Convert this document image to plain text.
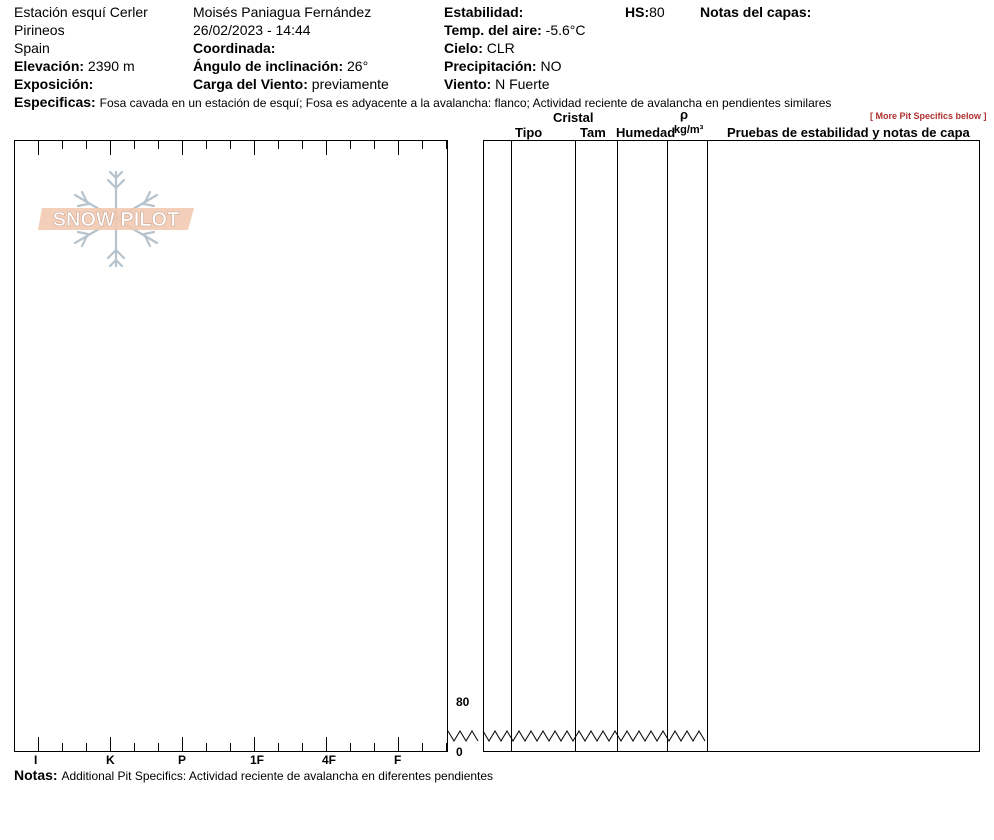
Estación esquí Cerler
Pirineos
Spain
Elevación: 2390 m
Exposición:
Moisés Paniagua Fernández
26/02/2023 - 14:44
Coordinada:
Ángulo de inclinación: 26°
Carga del Viento: previamente
Estabilidad:
Temp. del aire: -5.6°C
Cielo: CLR
Precipitación: NO
Viento: N Fuerte
HS:80	Notas del capas:
Especificas: Fosa cavada en un estación de esquí; Fosa es adyacente a la avalancha: flanco; Actividad reciente de avalancha en pendientes similares
[ More Pit Specifics below ]
Cristal
Tipo	Tam Humedad
ρ
kg/m³ Pruebas de estabilidad y notas de capa
SNOW PILOT
80
0
I	K	P	1F	4F	F
Notas: Additional Pit Specifics: Actividad reciente de avalancha en diferentes pendientes
